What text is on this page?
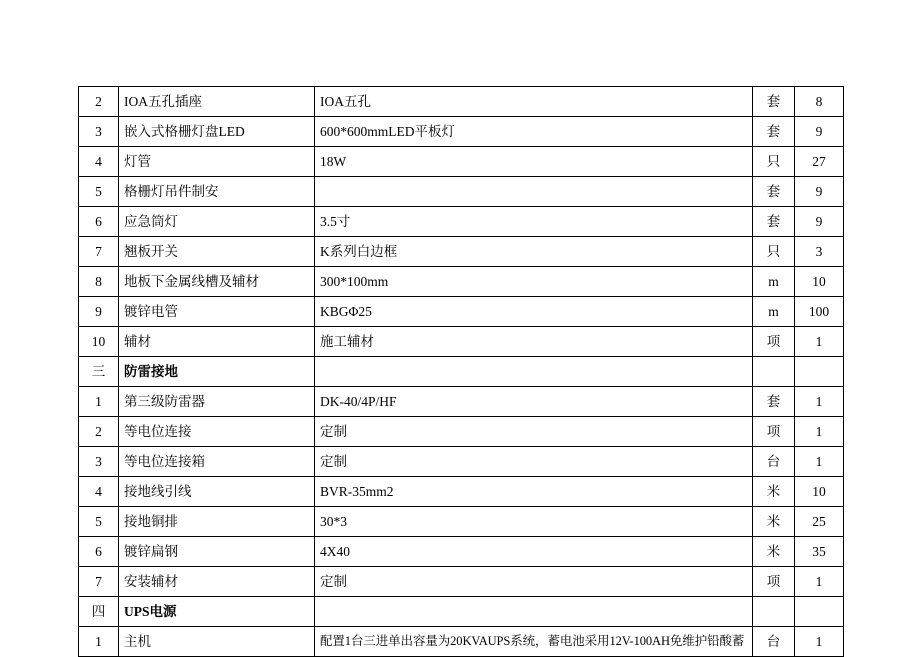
2	IOA五孔插座	IOA五孔	套	8
3	嵌入式格栅灯盘LED	600*600mmLED平板灯	套	9
4	灯管	18W	只	27
5	格栅灯吊件制安		套	9
6	应急筒灯	3.5寸	套	9
7	翘板开关	K系列白边框	只	3
8	地板下金属线槽及辅材	300*100mm	m	10
9	镀锌电管	KBGΦ25	m	100
10	辅材	施工辅材	项	1
三	防雷接地			
1	第三级防雷器	DK-40/4P/HF	套	1
2	等电位连接	定制	项	1
3	等电位连接箱	定制	台	1
4	接地线引线	BVR-35mm2	米	10
5	接地铜排	30*3	米	25
6	镀锌扁钢	4X40	米	35
7	安装辅材	定制	项	1
四	UPS电源			
1	主机	配置1台三进单出容量为20KVAUPS系统，蓄电池采用12V-100AH免维护铅酸蓄	台	1
